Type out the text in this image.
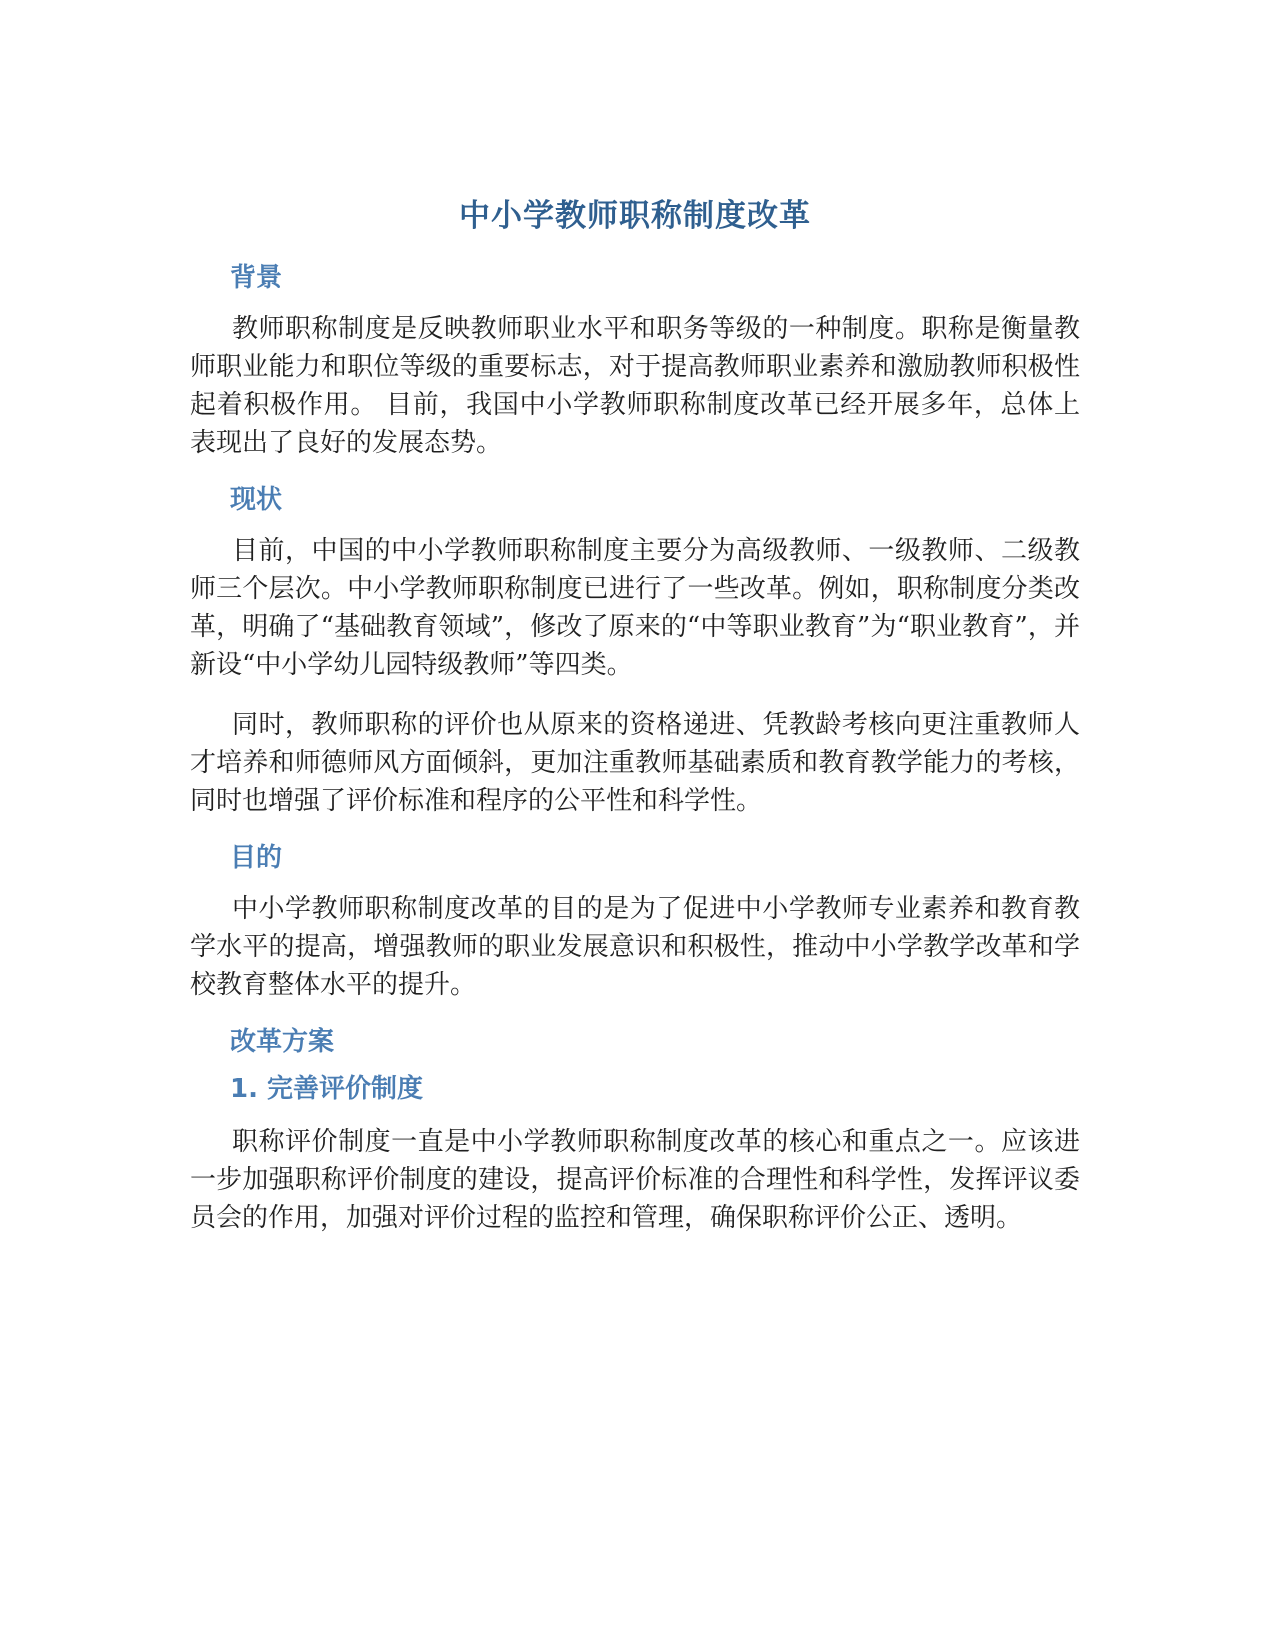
中小学教师职称制度改革
背景

教师职称制度是反映教师职业水平和职务等级的一种制度。职称是衡量教师职业能力和职位等级的重要标志，对于提高教师职业素养和激励教师积极性起着积极作用。 目前，我国中小学教师职称制度改革已经开展多年，总体上表现出了良好的发展态势。

现状

目前，中国的中小学教师职称制度主要分为高级教师、一级教师、二级教师三个层次。中小学教师职称制度已进行了一些改革。例如，职称制度分类改革，明确了“基础教育领域”，修改了原来的“中等职业教育”为“职业教育”，并新设“中小学幼儿园特级教师”等四类。

同时，教师职称的评价也从原来的资格递进、凭教龄考核向更注重教师人才培养和师德师风方面倾斜，更加注重教师基础素质和教育教学能力的考核，同时也增强了评价标准和程序的公平性和科学性。

目的

中小学教师职称制度改革的目的是为了促进中小学教师专业素养和教育教学水平的提高，增强教师的职业发展意识和积极性，推动中小学教学改革和学校教育整体水平的提升。

改革方案
1. 完善评价制度

职称评价制度一直是中小学教师职称制度改革的核心和重点之一。应该进一步加强职称评价制度的建设，提高评价标准的合理性和科学性，发挥评议委员会的作用，加强对评价过程的监控和管理，确保职称评价公正、透明。
